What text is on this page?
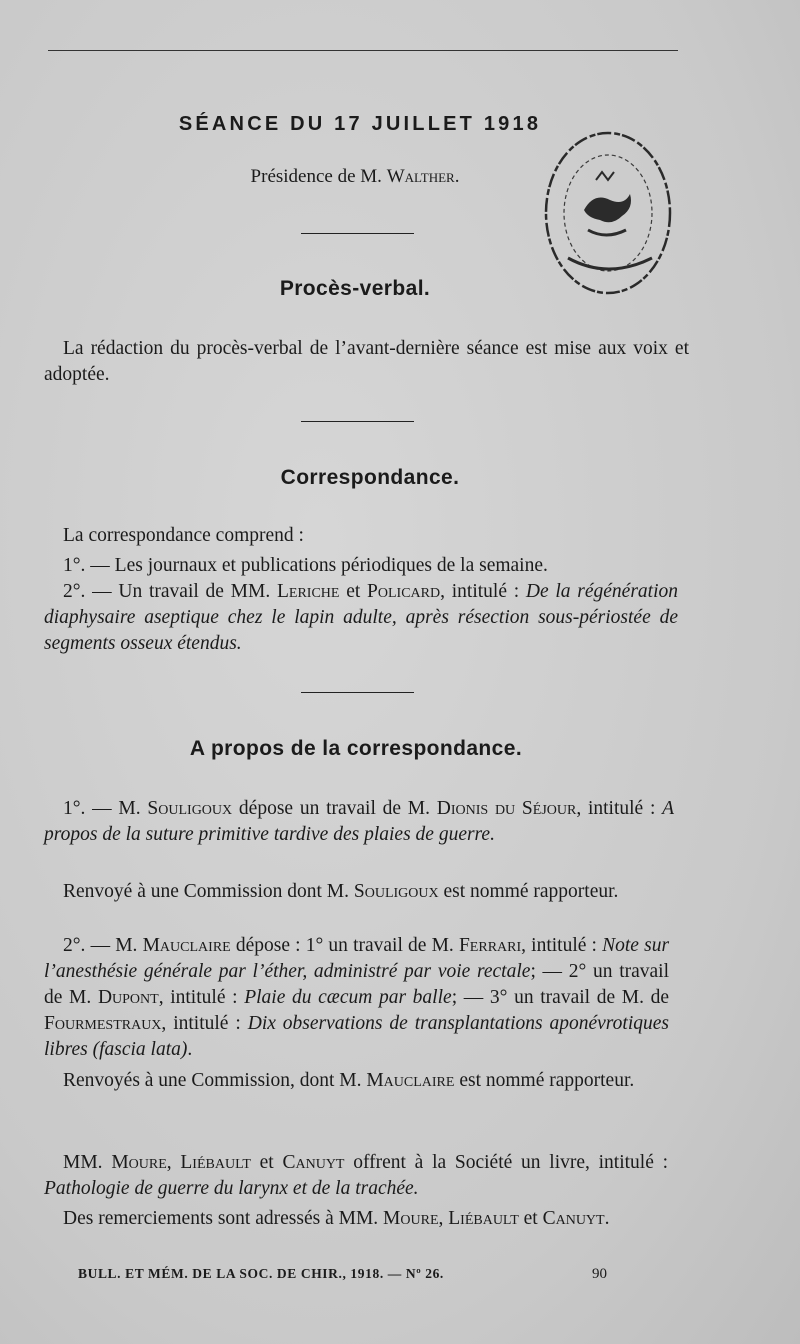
SÉANCE DU 17 JUILLET 1918
Présidence de M. Walther.
Procès-verbal.

La rédaction du procès-verbal de l’avant-dernière séance est mise aux voix et adoptée.

Correspondance.

La correspondance comprend :

1°. — Les journaux et publications périodiques de la semaine.

2°. — Un travail de MM. Leriche et Policard, intitulé : De la régénération diaphysaire aseptique chez le lapin adulte, après résection sous-périostée de segments osseux étendus.

A propos de la correspondance.

1°. — M. Souligoux dépose un travail de M. Dionis du Séjour, intitulé : A propos de la suture primitive tardive des plaies de guerre.

Renvoyé à une Commission dont M. Souligoux est nommé rapporteur.

2°. — M. Mauclaire dépose : 1° un travail de M. Ferrari, intitulé : Note sur l’anesthésie générale par l’éther, administré par voie rectale; — 2° un travail de M. Dupont, intitulé : Plaie du cæcum par balle; — 3° un travail de M. de Fourmestraux, intitulé : Dix observations de transplantations aponévrotiques libres (fascia lata).

Renvoyés à une Commission, dont M. Mauclaire est nommé rapporteur.

MM. Moure, Liébault et Canuyt offrent à la Société un livre, intitulé : Pathologie de guerre du larynx et de la trachée.

Des remerciements sont adressés à MM. Moure, Liébault et Canuyt.

BULL. ET MÉM. DE LA SOC. DE CHIR., 1918. — Nº 26.	90
